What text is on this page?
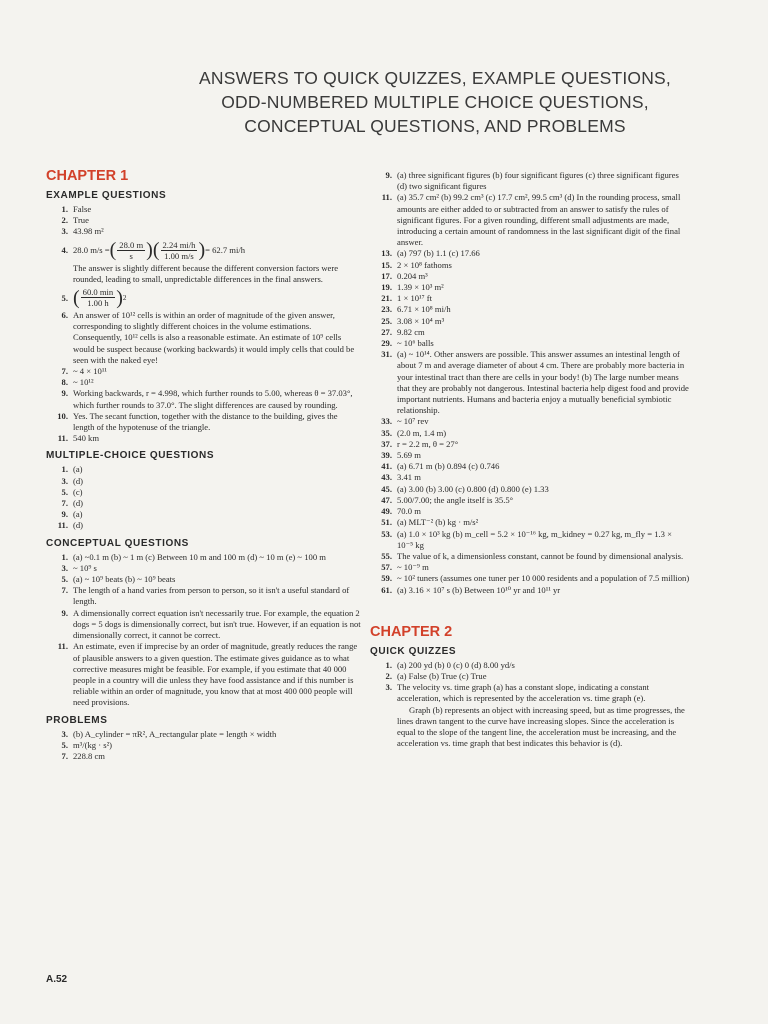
ANSWERS TO QUICK QUIZZES, EXAMPLE QUESTIONS,
ODD-NUMBERED MULTIPLE CHOICE QUESTIONS,
CONCEPTUAL QUESTIONS, AND PROBLEMS
CHAPTER 1
EXAMPLE QUESTIONS
1. False
2. True
3. 43.98 m²
4. 28.0 m/s = ( $\frac{28.0 m}{s}$ ) ( $\frac{2.24 mi/h}{1.00 m/s}$ ) = 62.7 mi/h
The answer is slightly different because the different conversion factors were rounded, leading to small, unpredictable differences in the final answers.
5. ( $\frac{60.0 \min}{1.00 h}$ ) 2
6. An answer of 10¹² cells is within an order of magnitude of the given answer, corresponding to slightly different choices in the volume estimations. Consequently, 10¹² cells is also a reasonable estimate. An estimate of 10⁹ cells would be suspect because (working backwards) it would imply cells that could be seen with the naked eye!
7. ~ 4 × 10¹¹
8. ~ 10¹²
9. Working backwards, r = 4.998, which further rounds to 5.00, whereas θ = 37.03°, which further rounds to 37.0°. The slight differences are caused by rounding.
10. Yes. The secant function, together with the distance to the building, gives the length of the hypotenuse of the triangle.
11. 540 km
MULTIPLE-CHOICE QUESTIONS
1. (a)
3. (d)
5. (c)
7. (d)
9. (a)
11. (d)
CONCEPTUAL QUESTIONS
1. (a) ~0.1 m (b) ~ 1 m (c) Between 10 m and 100 m (d) ~ 10 m (e) ~ 100 m
3. ~ 10⁹ s
5. (a) ~ 10⁹ beats (b) ~ 10⁹ beats
7. The length of a hand varies from person to person, so it isn't a useful standard of length.
9. A dimensionally correct equation isn't necessarily true. For example, the equation 2 dogs = 5 dogs is dimensionally correct, but isn't true. However, if an equation is not dimensionally correct, it cannot be correct.
11. An estimate, even if imprecise by an order of magnitude, greatly reduces the range of plausible answers to a given question. The estimate gives guidance as to what corrective measures might be feasible. For example, if you estimate that 40 000 people in a country will die unless they have food assistance and if this number is reliable within an order of magnitude, you know that at most 400 000 people will need provisions.
PROBLEMS
3. (b) A_cylinder = πR², A_rectangular plate = length × width
5. m³/(kg · s²)
7. 228.8 cm
9. (a) three significant figures (b) four significant figures (c) three significant figures (d) two significant figures
11. (a) 35.7 cm² (b) 99.2 cm³ (c) 17.7 cm², 99.5 cm³ (d) In the rounding process, small amounts are either added to or subtracted from an answer to satisfy the rules of significant figures. For a given rounding, different small adjustments are made, introducing a certain amount of randomness in the last significant digit of the final answer.
13. (a) 797 (b) 1.1 (c) 17.66
15. 2 × 10⁸ fathoms
17. 0.204 m³
19. 1.39 × 10³ m²
21. 1 × 10¹⁷ ft
23. 6.71 × 10⁸ mi/h
25. 3.08 × 10⁴ m³
27. 9.82 cm
29. ~ 10⁶ balls
31. (a) ~ 10¹⁴. Other answers are possible. This answer assumes an intestinal length of about 7 m and average diameter of about 4 cm. There are probably more bacteria in your intestinal tract than there are cells in your body! (b) The large number means that they are probably not dangerous. Intestinal bacteria help digest food and provide important nutrients. Humans and bacteria enjoy a mutually beneficial symbiotic relationship.
33. ~ 10⁷ rev
35. (2.0 m, 1.4 m)
37. r = 2.2 m, θ = 27°
39. 5.69 m
41. (a) 6.71 m (b) 0.894 (c) 0.746
43. 3.41 m
45. (a) 3.00 (b) 3.00 (c) 0.800 (d) 0.800 (e) 1.33
47. 5.00/7.00; the angle itself is 35.5°
49. 70.0 m
51. (a) MLT⁻² (b) kg · m/s²
53. (a) 1.0 × 10³ kg (b) m_cell = 5.2 × 10⁻¹⁶ kg, m_kidney = 0.27 kg, m_fly = 1.3 × 10⁻⁵ kg
55. The value of k, a dimensionless constant, cannot be found by dimensional analysis.
57. ~ 10⁻⁹ m
59. ~ 10² tuners (assumes one tuner per 10 000 residents and a population of 7.5 million)
61. (a) 3.16 × 10⁷ s (b) Between 10¹⁰ yr and 10¹¹ yr
CHAPTER 2
QUICK QUIZZES
1. (a) 200 yd (b) 0 (c) 0 (d) 8.00 yd/s
2. (a) False (b) True (c) True
3. The velocity vs. time graph (a) has a constant slope, indicating a constant acceleration, which is represented by the acceleration vs. time graph (e).
Graph (b) represents an object with increasing speed, but as time progresses, the lines drawn tangent to the curve have increasing slopes. Since the acceleration is equal to the slope of the tangent line, the acceleration must be increasing, and the acceleration vs. time graph that best indicates this behavior is (d).
A.52
